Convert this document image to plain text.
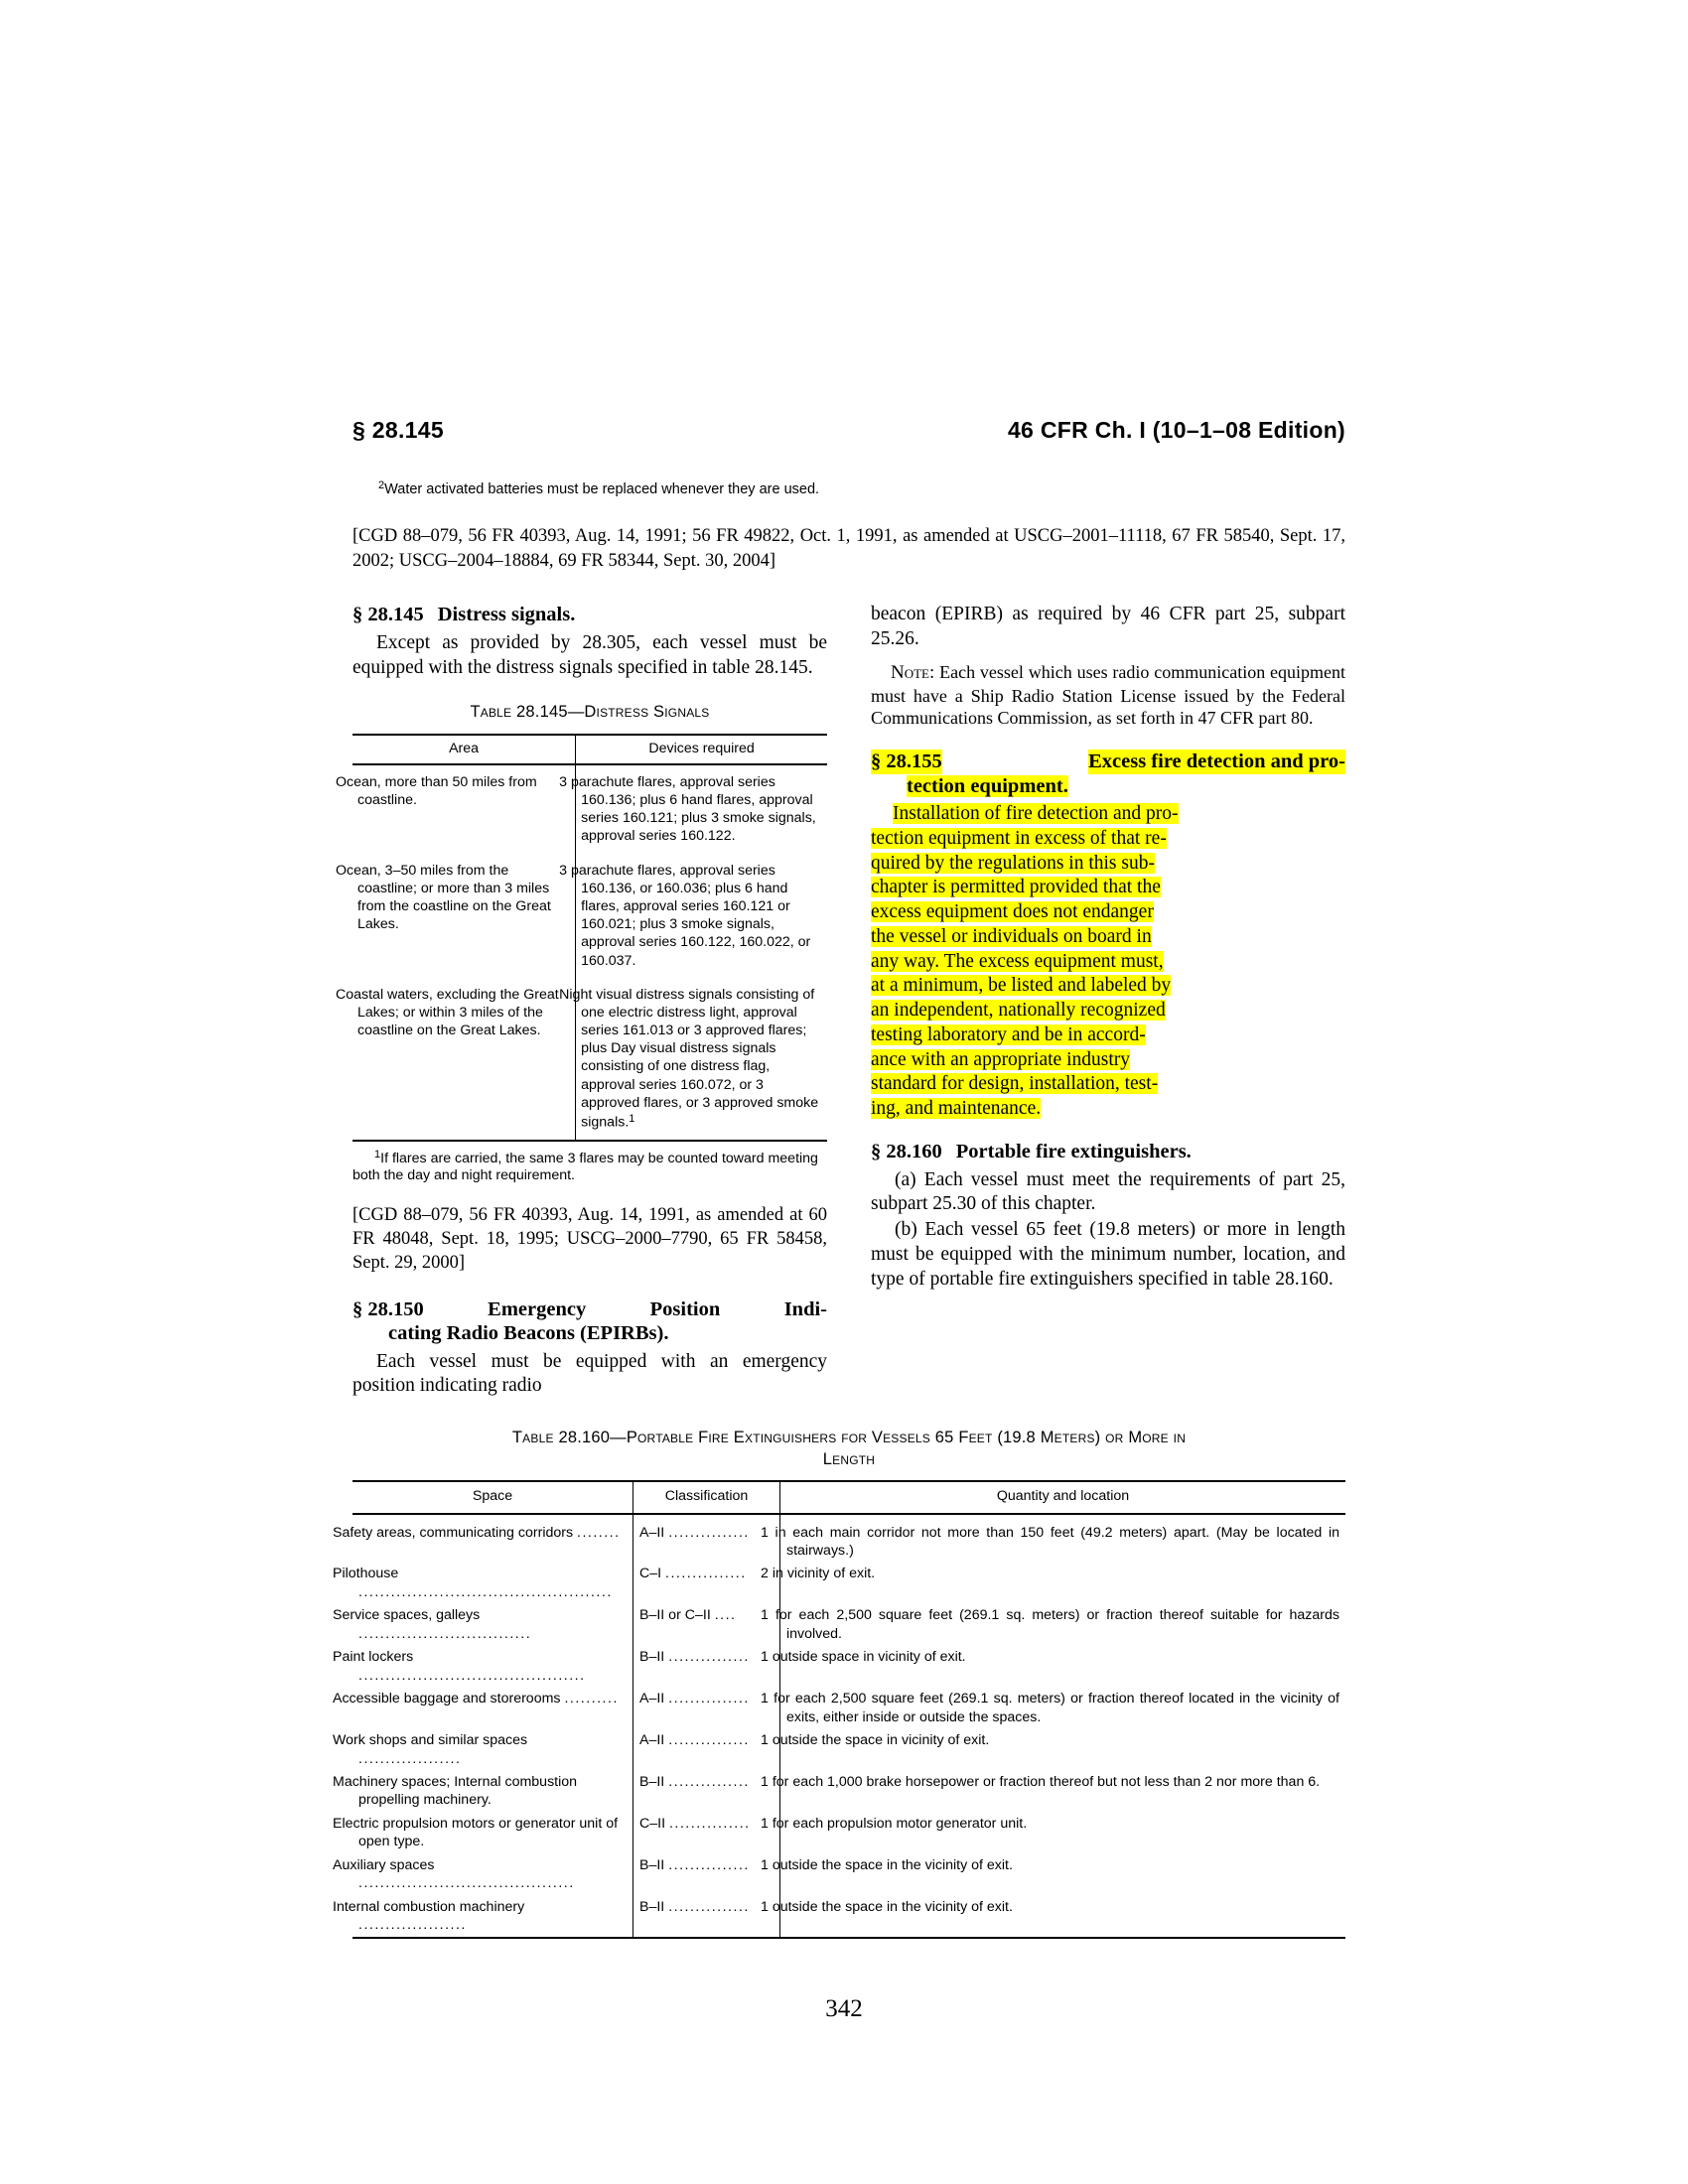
§ 28.145	46 CFR Ch. I (10–1–08 Edition)
$^2$Water activated batteries must be replaced whenever they are used.
[CGD 88–079, 56 FR 40393, Aug. 14, 1991; 56 FR 49822, Oct. 1, 1991, as amended at USCG–2001–11118, 67 FR 58540, Sept. 17, 2002; USCG–2004–18884, 69 FR 58344, Sept. 30, 2004]
§ 28.145 Distress signals.

Except as provided by 28.305, each vessel must be equipped with the distress signals specified in table 28.145.

Table 28.145—Distress Signals
Area	Devices required
Ocean, more than 50 miles from coastline.	3 parachute flares, approval series 160.136; plus 6 hand flares, approval series 160.121; plus 3 smoke signals, approval series 160.122.
Ocean, 3–50 miles from the coastline; or more than 3 miles from the coastline on the Great Lakes.	3 parachute flares, approval series 160.136, or 160.036; plus 6 hand flares, approval series 160.121 or 160.021; plus 3 smoke signals, approval series 160.122, 160.022, or 160.037.
Coastal waters, excluding the Great Lakes; or within 3 miles of the coastline on the Great Lakes.	Night visual distress signals consisting of one electric distress light, approval series 161.013 or 3 approved flares; plus Day visual distress signals consisting of one distress flag, approval series 160.072, or 3 approved flares, or 3 approved smoke signals.$^1$

$^1$If flares are carried, the same 3 flares may be counted toward meeting both the day and night requirement.

[CGD 88–079, 56 FR 40393, Aug. 14, 1991, as amended at 60 FR 48048, Sept. 18, 1995; USCG–2000–7790, 65 FR 58458, Sept. 29, 2000]

§ 28.150	Emergency	Position	Indi-
cating Radio Beacons (EPIRBs).

Each vessel must be equipped with an emergency position indicating radio

beacon (EPIRB) as required by 46 CFR part 25, subpart 25.26.

Note: Each vessel which uses radio communication equipment must have a Ship Radio Station License issued by the Federal Communications Commission, as set forth in 47 CFR part 80.

§ 28.155	Excess fire detection and pro-
tection equipment.
Installation of fire detection and pro-
tection equipment in excess of that re-
quired by the regulations in this sub-
chapter is permitted provided that the
excess equipment does not endanger
the vessel or individuals on board in
any way. The excess equipment must,
at a minimum, be listed and labeled by
an independent, nationally recognized
testing laboratory and be in accord-
ance with an appropriate industry
standard for design, installation, test-
ing, and maintenance.
§ 28.160 Portable fire extinguishers.

(a) Each vessel must meet the requirements of part 25, subpart 25.30 of this chapter.

(b) Each vessel 65 feet (19.8 meters) or more in length must be equipped with the minimum number, location, and type of portable fire extinguishers specified in table 28.160.

Table 28.160—Portable Fire Extinguishers for Vessels 65 Feet (19.8 Meters) or More in
Length
Space	Classification	Quantity and location
Safety areas, communicating corridors ........	A–II ...............	1 in each main corridor not more than 150 feet (49.2 meters) apart. (May be located in stairways.)
Pilothouse ...............................................	C–I ...............	2 in vicinity of exit.
Service spaces, galleys ................................	B–II or C–II ....	1 for each 2,500 square feet (269.1 sq. meters) or fraction thereof suitable for hazards involved.
Paint lockers ..........................................	B–II ...............	1 outside space in vicinity of exit.
Accessible baggage and storerooms ..........	A–II ...............	1 for each 2,500 square feet (269.1 sq. meters) or fraction thereof located in the vicinity of exits, either inside or outside the spaces.
Work shops and similar spaces ...................	A–II ...............	1 outside the space in vicinity of exit.
Machinery spaces; Internal combustion propelling machinery.	B–II ...............	1 for each 1,000 brake horsepower or fraction thereof but not less than 2 nor more than 6.
Electric propulsion motors or generator unit of open type.	C–II ...............	1 for each propulsion motor generator unit.
Auxiliary spaces ........................................	B–II ...............	1 outside the space in the vicinity of exit.
Internal combustion machinery ....................	B–II ...............	1 outside the space in the vicinity of exit.
342
